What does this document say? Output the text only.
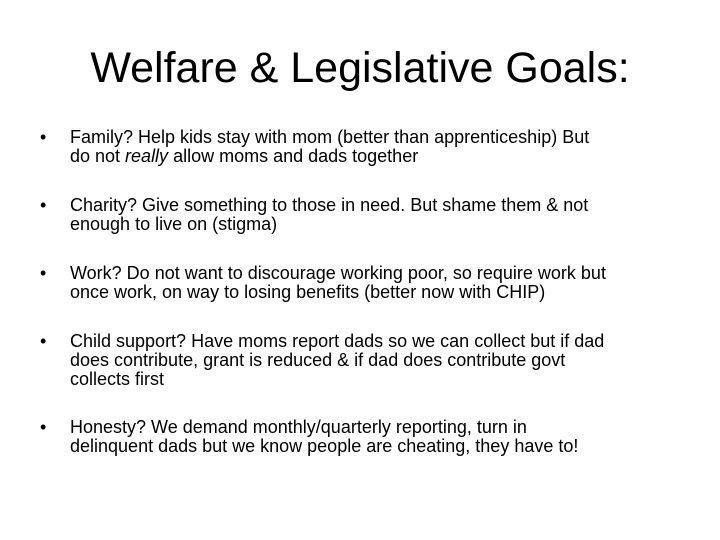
Welfare & Legislative Goals:
• Family? Help kids stay with mom (better than apprenticeship) But
do not really allow moms and dads together
• Charity? Give something to those in need. But shame them & not
enough to live on (stigma)
• Work? Do not want to discourage working poor, so require work but
once work, on way to losing benefits (better now with CHIP)
• Child support? Have moms report dads so we can collect but if dad
does contribute, grant is reduced & if dad does contribute govt
collects first
• Honesty? We demand monthly/quarterly reporting, turn in
delinquent dads but we know people are cheating, they have to!
